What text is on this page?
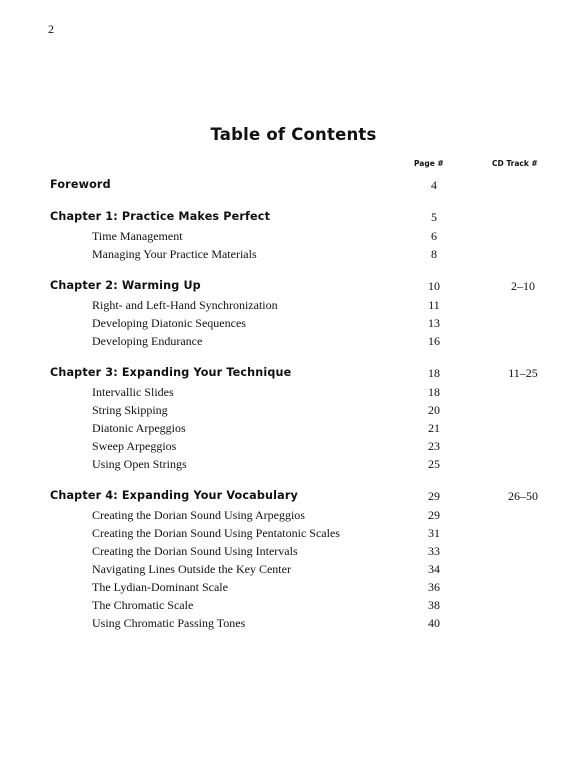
2
Table of Contents
Page #	CD Track #
Foreword	4
Chapter 1: Practice Makes Perfect	5
Time Management	6
Managing Your Practice Materials	8
Chapter 2: Warming Up	10	2–10
Right- and Left-Hand Synchronization	11
Developing Diatonic Sequences	13
Developing Endurance	16
Chapter 3: Expanding Your Technique	18	11–25
Intervallic Slides	18
String Skipping	20
Diatonic Arpeggios	21
Sweep Arpeggios	23
Using Open Strings	25
Chapter 4: Expanding Your Vocabulary	29	26–50
Creating the Dorian Sound Using Arpeggios	29
Creating the Dorian Sound Using Pentatonic Scales	31
Creating the Dorian Sound Using Intervals	33
Navigating Lines Outside the Key Center	34
The Lydian-Dominant Scale	36
The Chromatic Scale	38
Using Chromatic Passing Tones	40
